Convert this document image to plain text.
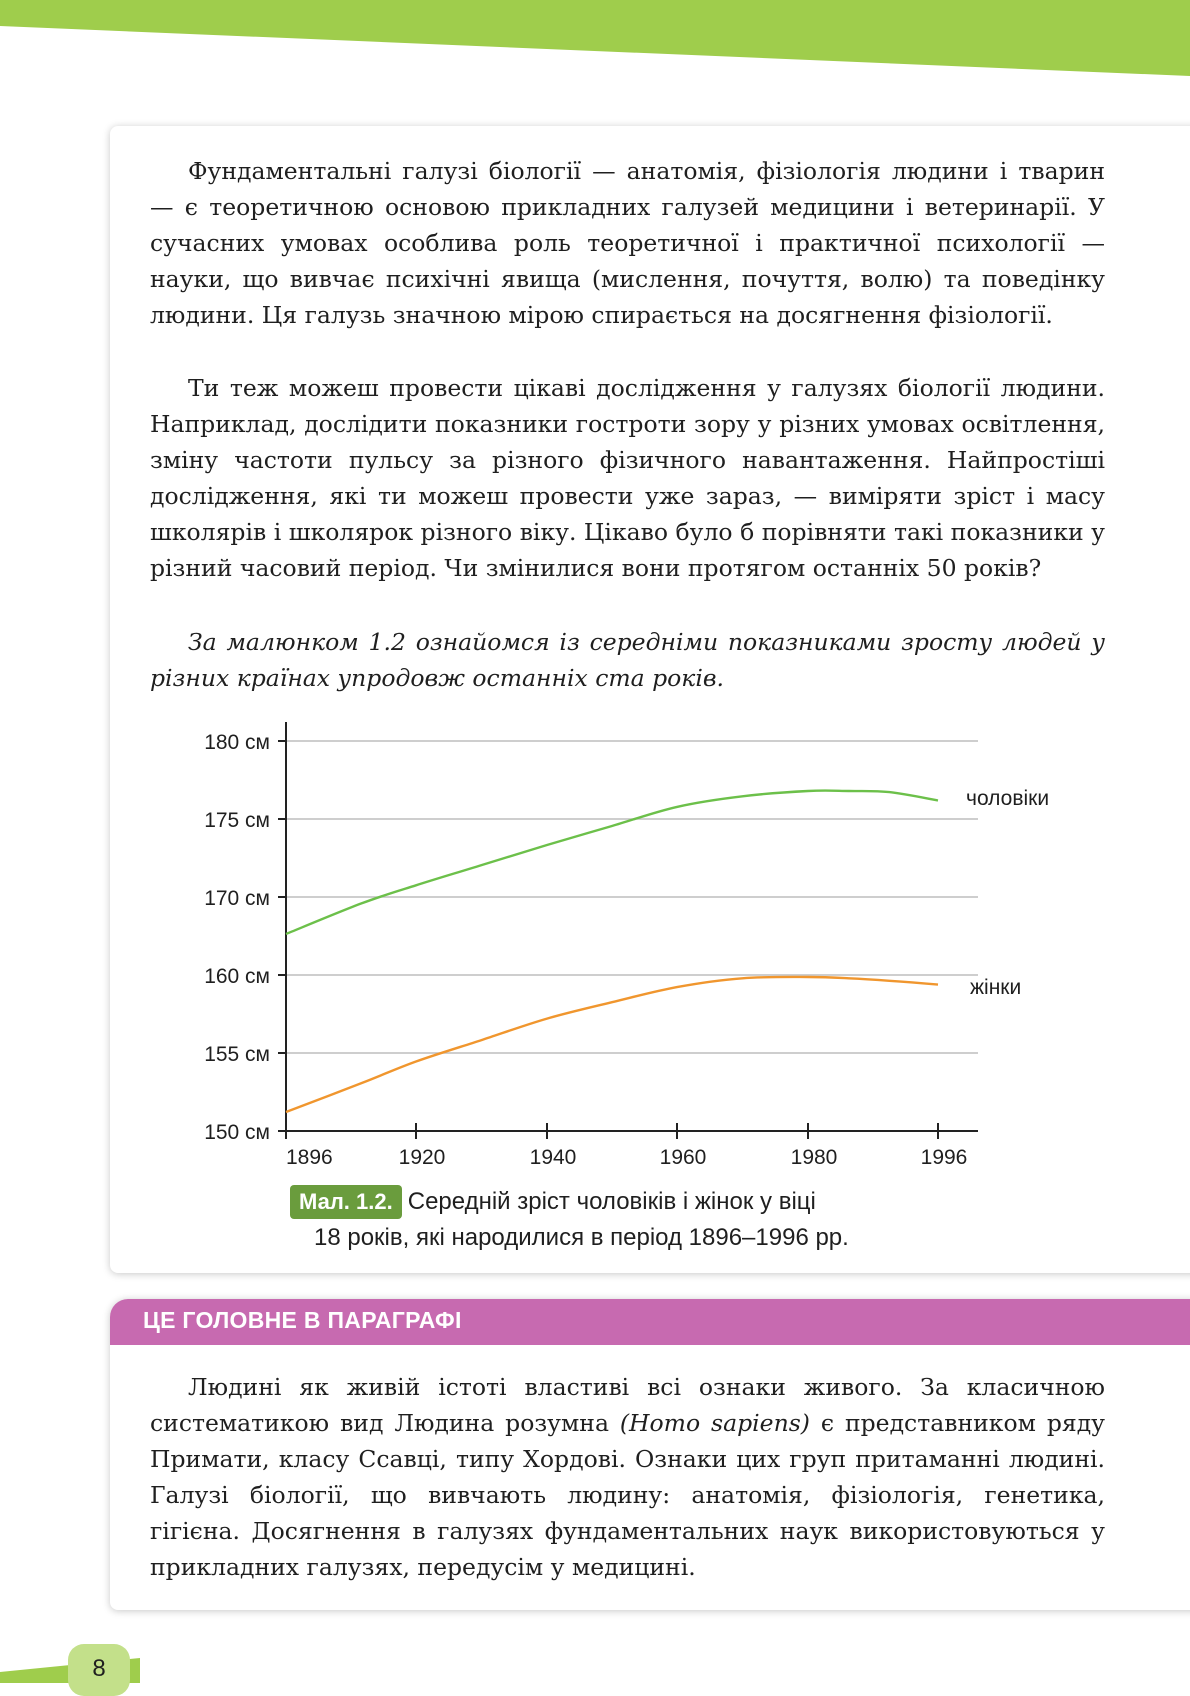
Фундаментальні галузі біології — анатомія, фізіологія людини і тварин — є теоретичною основою прикладних галузей медицини і ветеринарії. У сучасних умовах особлива роль теоретичної і практичної психології — науки, що вивчає психічні явища (мислення, почуття, волю) та поведінку людини. Ця галузь значною мірою спирається на досягнення фізіології.

Ти теж можеш провести цікаві дослідження у галузях біології людини. Наприклад, дослідити показники гостроти зору у різних умовах освітлення, зміну частоти пульсу за різного фізичного навантаження. Найпростіші дослідження, які ти можеш провести уже зараз, — виміряти зріст і масу школярів і школярок різного віку. Цікаво було б порівняти такі показники у різний часовий період. Чи змінилися вони протягом останніх 50 років?

За малюнком 1.2 ознайомся із середніми показниками зросту людей у різних країнах упродовж останніх ста років.

180 см
175 см
170 см
160 см
155 см
150 см
1896	1920	1940	1960	1980	1996
чоловіки
жінки
Мал. 1.2. Середній зріст чоловіків і жінок у віці
18 років, які народилися в період 1896–1996 рр.
ЦЕ ГОЛОВНЕ В ПАРАГРАФІ

Людині як живій істоті властиві всі ознаки живого. За класичною систематикою вид Людина розумна (Homo sapiens) є представником ряду Примати, класу Ссавці, типу Хордові. Ознаки цих груп притаманні людині. Галузі біології, що вивчають людину: анатомія, фізіологія, генетика, гігієна. Досягнення в галузях фундаментальних наук використовуються у прикладних галузях, передусім у медицині.

8
